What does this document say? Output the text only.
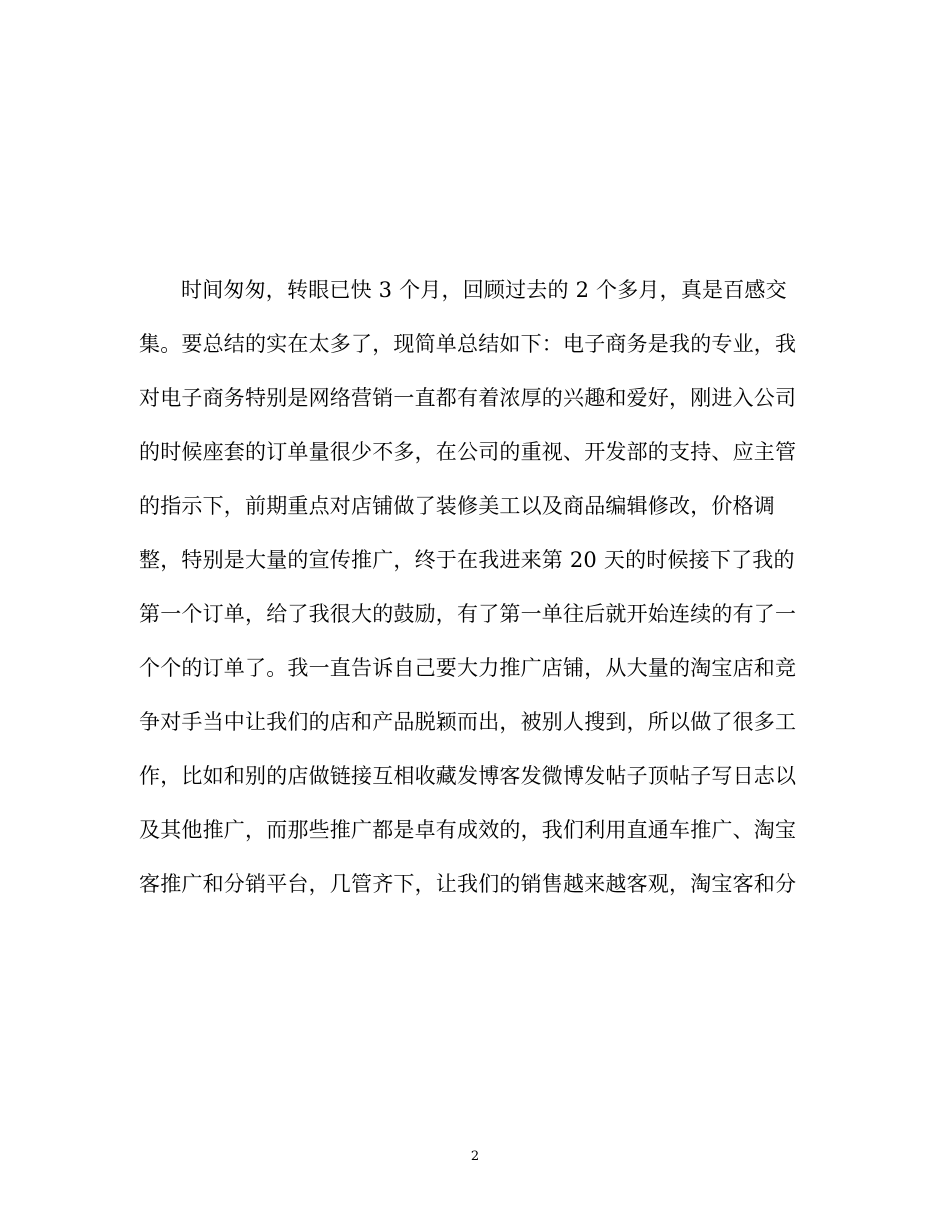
时间匆匆，转眼已快 3 个月，回顾过去的 2 个多月，真是百感交
集。要总结的实在太多了，现简单总结如下：电子商务是我的专业，我
对电子商务特别是网络营销一直都有着浓厚的兴趣和爱好，刚进入公司
的时候座套的订单量很少不多，在公司的重视、开发部的支持、应主管
的指示下，前期重点对店铺做了装修美工以及商品编辑修改，价格调
整，特别是大量的宣传推广，终于在我进来第 20 天的时候接下了我的
第一个订单，给了我很大的鼓励，有了第一单往后就开始连续的有了一
个个的订单了。我一直告诉自己要大力推广店铺，从大量的淘宝店和竞
争对手当中让我们的店和产品脱颖而出，被别人搜到，所以做了很多工
作，比如和别的店做链接互相收藏发博客发微博发帖子顶帖子写日志以
及其他推广，而那些推广都是卓有成效的，我们利用直通车推广、淘宝
客推广和分销平台，几管齐下，让我们的销售越来越客观，淘宝客和分
2
